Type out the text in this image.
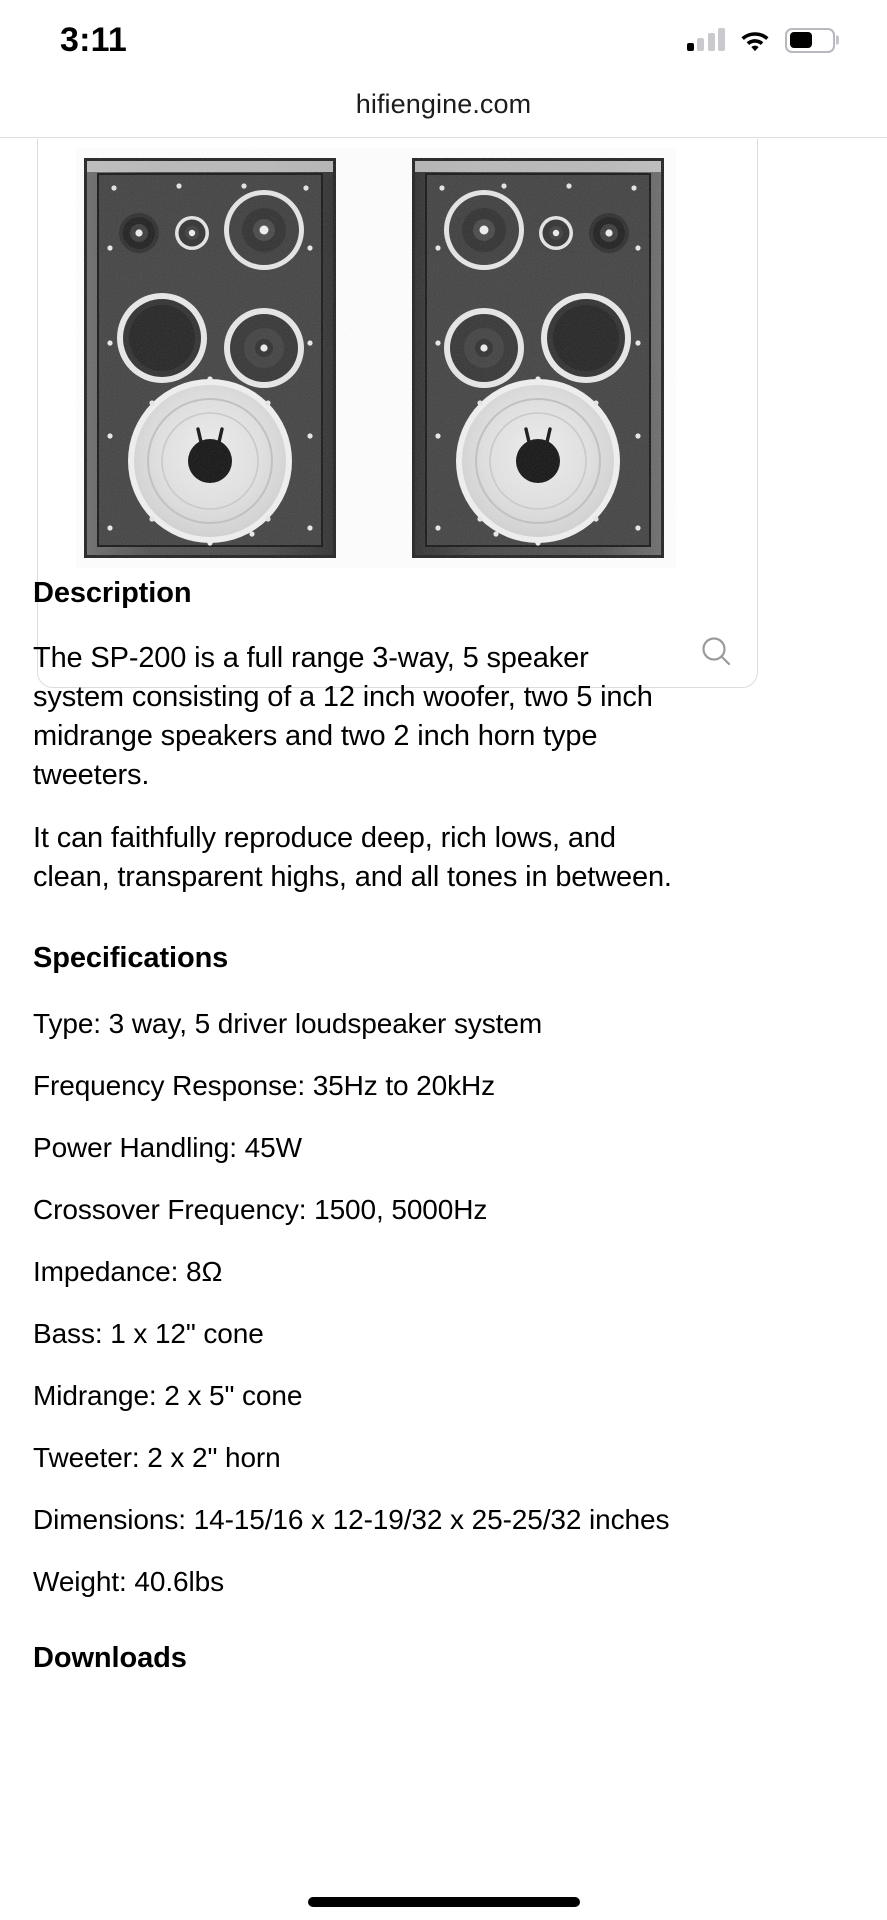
3:11
hifiengine.com
Description

The SP-200 is a full range 3-way, 5 speaker system consisting of a 12 inch woofer, two 5 inch midrange speakers and two 2 inch horn type tweeters.

It can faithfully reproduce deep, rich lows, and clean, transparent highs, and all tones in between.

Specifications

Type: 3 way, 5 driver loudspeaker system

Frequency Response: 35Hz to 20kHz

Power Handling: 45W

Crossover Frequency: 1500, 5000Hz

Impedance: 8Ω

Bass: 1 x 12" cone

Midrange: 2 x 5" cone

Tweeter: 2 x 2" horn

Dimensions: 14-15/16 x 12-19/32 x 25-25/32 inches

Weight: 40.6lbs

Downloads
